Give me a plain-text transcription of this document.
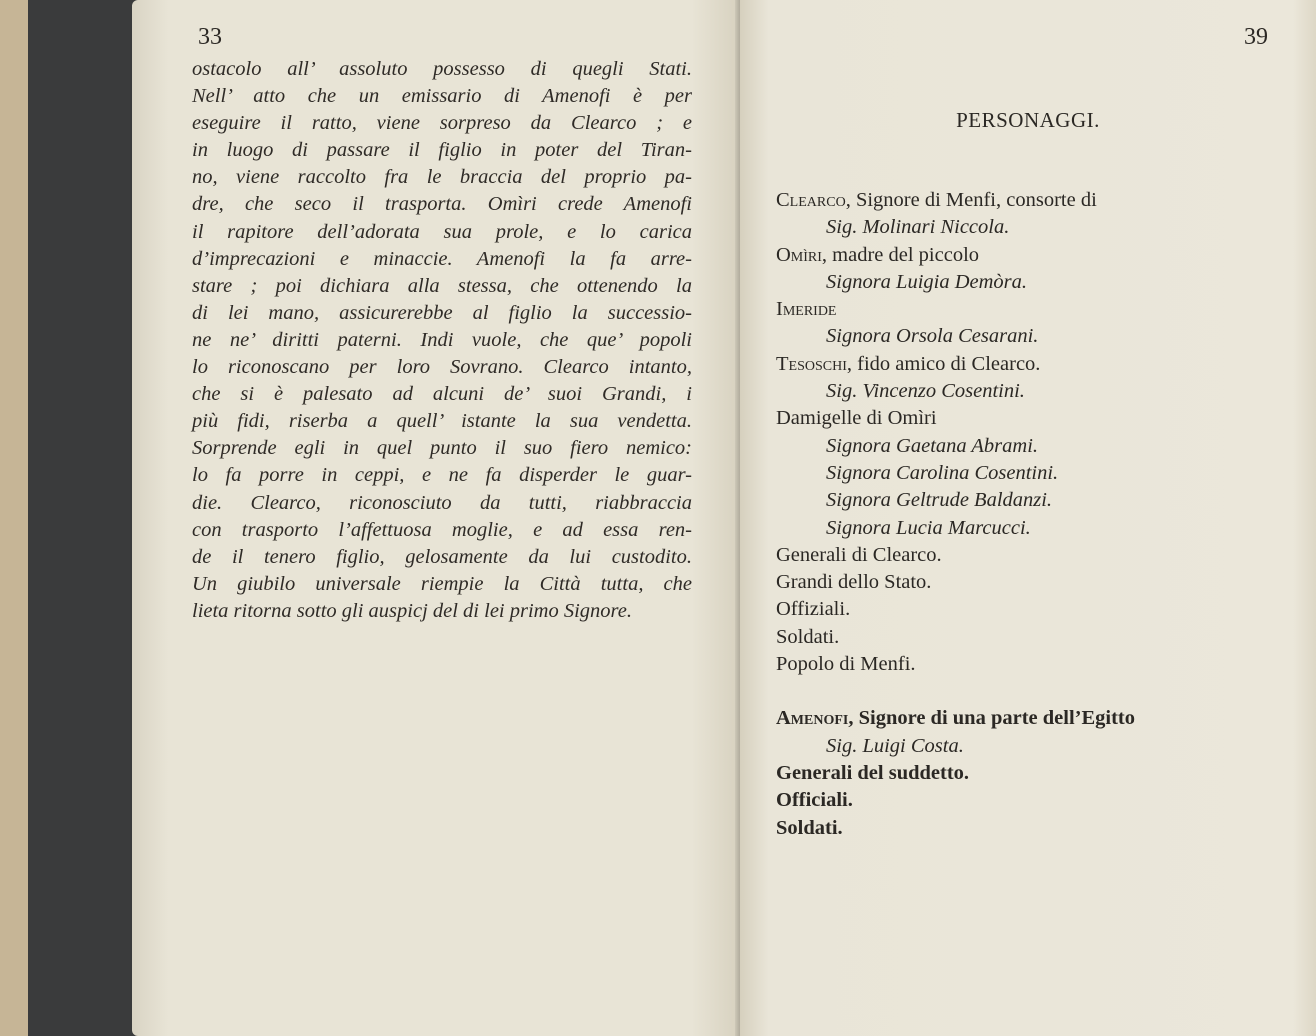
33
ostacolo all’ assoluto possesso di quegli Stati.
Nell’ atto che un emissario di Amenofi è per
eseguire il ratto, viene sorpreso da Clearco ; e
in luogo di passare il figlio in poter del Tiran-
no, viene raccolto fra le braccia del proprio pa-
dre, che seco il trasporta. Omìri crede Amenofi
il rapitore dell’adorata sua prole, e lo carica
d’imprecazioni e minaccie. Amenofi la fa arre-
stare ; poi dichiara alla stessa, che ottenendo la
di lei mano, assicurerebbe al figlio la successio-
ne ne’ diritti paterni. Indi vuole, che que’ popoli
lo riconoscano per loro Sovrano. Clearco intanto,
che si è palesato ad alcuni de’ suoi Grandi, i
più fidi, riserba a quell’ istante la sua vendetta.
Sorprende egli in quel punto il suo fiero nemico:
lo fa porre in ceppi, e ne fa disperder le guar-
die. Clearco, riconosciuto da tutti, riabbraccia
con trasporto l’affettuosa moglie, e ad essa ren-
de il tenero figlio, gelosamente da lui custodito.
Un giubilo universale riempie la Città tutta, che
lieta ritorna sotto gli auspicj del di lei primo Signore.
39
PERSONAGGI.
Clearco, Signore di Menfi, consorte di
Sig. Molinari Niccola.
Omìri, madre del piccolo
Signora Luigia Demòra.
Imeride
Signora Orsola Cesarani.
Tesoschi, fido amico di Clearco.
Sig. Vincenzo Cosentini.
Damigelle di Omìri
Signora Gaetana Abrami.
Signora Carolina Cosentini.
Signora Geltrude Baldanzi.
Signora Lucia Marcucci.
Generali di Clearco.
Grandi dello Stato.
Offiziali.
Soldati.
Popolo di Menfi.
Amenofi, Signore di una parte dell’Egitto
Sig. Luigi Costa.
Generali del suddetto.
Officiali.
Soldati.
